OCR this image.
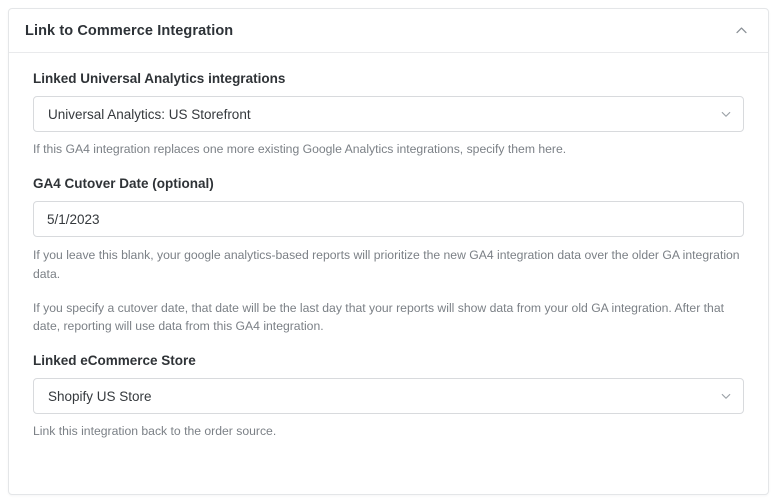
Link to Commerce Integration
Linked Universal Analytics integrations
Universal Analytics: US Storefront

If this GA4 integration replaces one more existing Google Analytics integrations, specify them here.

GA4 Cutover Date (optional)
5/1/2023

If you leave this blank, your google analytics-based reports will prioritize the new GA4 integration data over the older GA integration data.

If you specify a cutover date, that date will be the last day that your reports will show data from your old GA integration. After that date, reporting will use data from this GA4 integration.

Linked eCommerce Store
Shopify US Store

Link this integration back to the order source.
